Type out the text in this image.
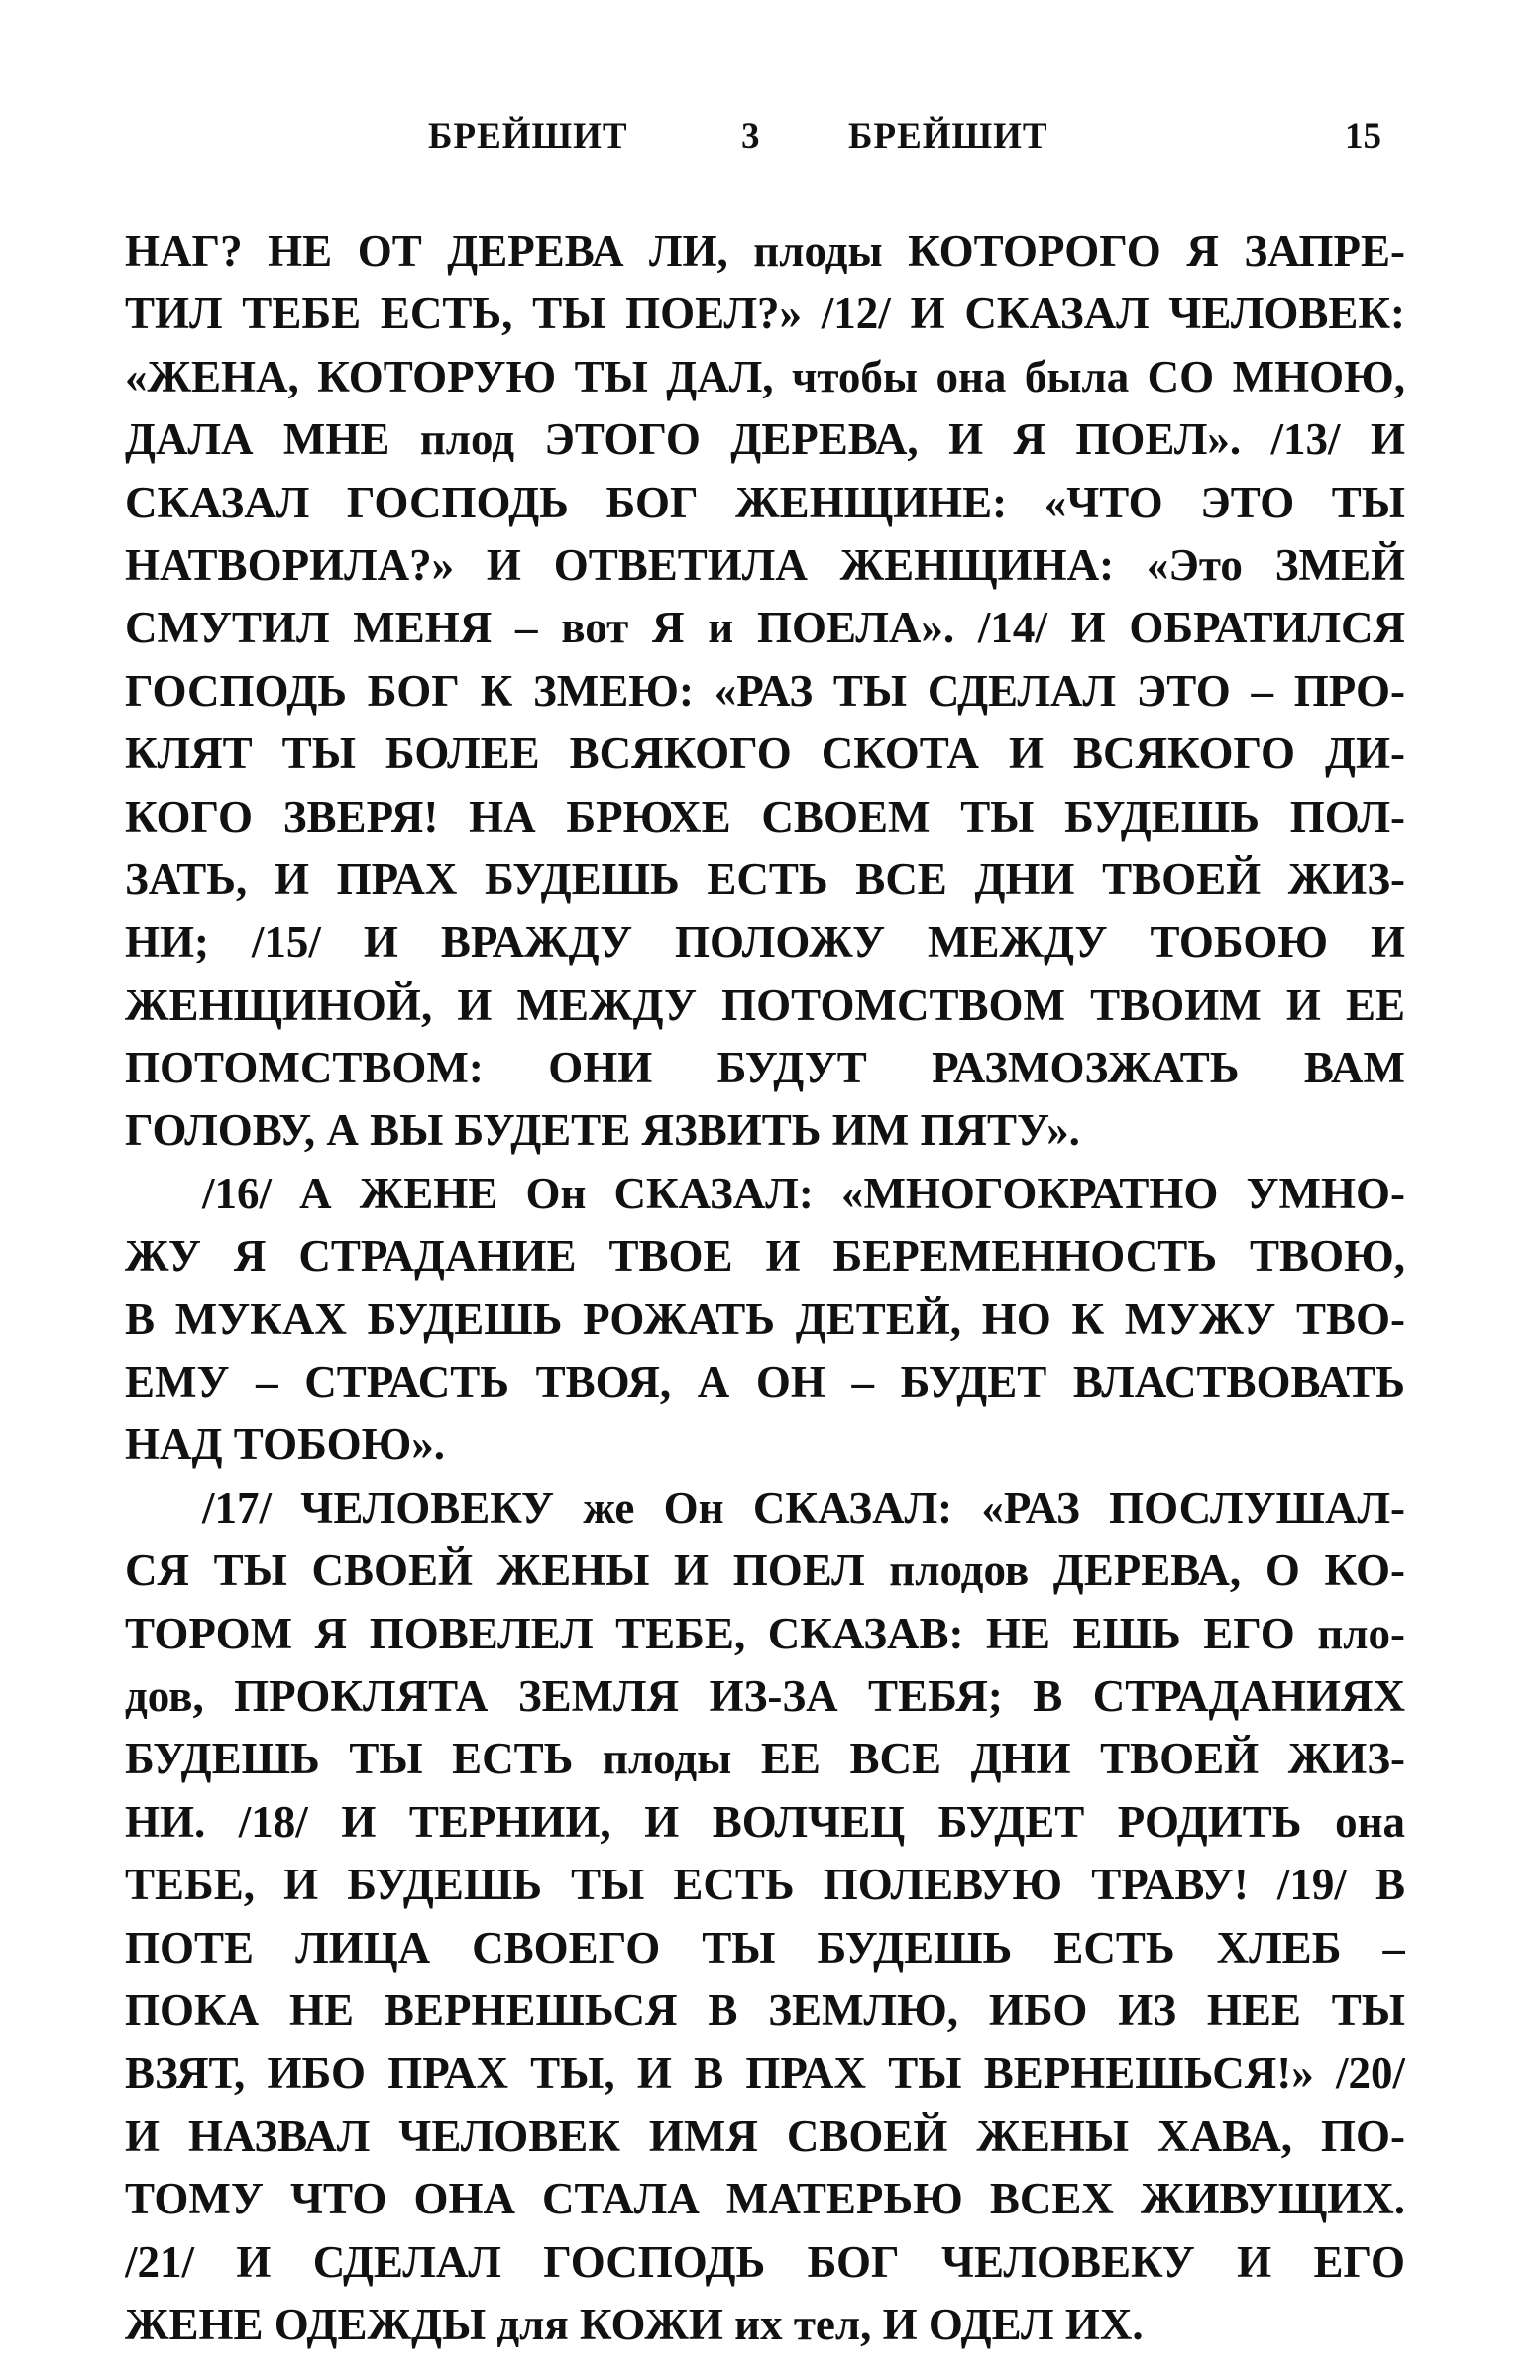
БРЕЙШИТ	3 БРЕЙШИТ	15
НАГ? НЕ ОТ ДЕРЕВА ЛИ, плоды КОТОРОГО Я ЗАПРЕ-
ТИЛ ТЕБЕ ЕСТЬ, ТЫ ПОЕЛ?» /12/ И СКАЗАЛ ЧЕЛОВЕК:
«ЖЕНА, КОТОРУЮ ТЫ ДАЛ, чтобы она была СО МНОЮ,
ДАЛА МНЕ плод ЭТОГО ДЕРЕВА, И Я ПОЕЛ». /13/ И
СКАЗАЛ ГОСПОДЬ БОГ ЖЕНЩИНЕ: «ЧТО ЭТО ТЫ
НАТВОРИЛА?» И ОТВЕТИЛА ЖЕНЩИНА: «Это ЗМЕЙ
СМУТИЛ МЕНЯ – вот Я и ПОЕЛА». /14/ И ОБРАТИЛСЯ
ГОСПОДЬ БОГ К ЗМЕЮ: «РАЗ ТЫ СДЕЛАЛ ЭТО – ПРО-
КЛЯТ ТЫ БОЛЕЕ ВСЯКОГО СКОТА И ВСЯКОГО ДИ-
КОГО ЗВЕРЯ! НА БРЮХЕ СВОЕМ ТЫ БУДЕШЬ ПОЛ-
ЗАТЬ, И ПРАХ БУДЕШЬ ЕСТЬ ВСЕ ДНИ ТВОЕЙ ЖИЗ-
НИ; /15/ И ВРАЖДУ ПОЛОЖУ МЕЖДУ ТОБОЮ И
ЖЕНЩИНОЙ, И МЕЖДУ ПОТОМСТВОМ ТВОИМ И ЕЕ
ПОТОМСТВОМ: ОНИ БУДУТ РАЗМОЗЖАТЬ ВАМ
ГОЛОВУ, А ВЫ БУДЕТЕ ЯЗВИТЬ ИМ ПЯТУ».
/16/ А ЖЕНЕ Он СКАЗАЛ: «МНОГОКРАТНО УМНО-
ЖУ Я СТРАДАНИЕ ТВОЕ И БЕРЕМЕННОСТЬ ТВОЮ,
В МУКАХ БУДЕШЬ РОЖАТЬ ДЕТЕЙ, НО К МУЖУ ТВО-
ЕМУ – СТРАСТЬ ТВОЯ, А ОН – БУДЕТ ВЛАСТВОВАТЬ
НАД ТОБОЮ».
/17/ ЧЕЛОВЕКУ же Он СКАЗАЛ: «РАЗ ПОСЛУШАЛ-
СЯ ТЫ СВОЕЙ ЖЕНЫ И ПОЕЛ плодов ДЕРЕВА, О КО-
ТОРОМ Я ПОВЕЛЕЛ ТЕБЕ, СКАЗАВ: НЕ ЕШЬ ЕГО пло-
дов, ПРОКЛЯТА ЗЕМЛЯ ИЗ-ЗА ТЕБЯ; В СТРАДАНИЯХ
БУДЕШЬ ТЫ ЕСТЬ плоды ЕЕ ВСЕ ДНИ ТВОЕЙ ЖИЗ-
НИ. /18/ И ТЕРНИИ, И ВОЛЧЕЦ БУДЕТ РОДИТЬ она
ТЕБЕ, И БУДЕШЬ ТЫ ЕСТЬ ПОЛЕВУЮ ТРАВУ! /19/ В
ПОТЕ ЛИЦА СВОЕГО ТЫ БУДЕШЬ ЕСТЬ ХЛЕБ –
ПОКА НЕ ВЕРНЕШЬСЯ В ЗЕМЛЮ, ИБО ИЗ НЕЕ ТЫ
ВЗЯТ, ИБО ПРАХ ТЫ, И В ПРАХ ТЫ ВЕРНЕШЬСЯ!» /20/
И НАЗВАЛ ЧЕЛОВЕК ИМЯ СВОЕЙ ЖЕНЫ ХАВА, ПО-
ТОМУ ЧТО ОНА СТАЛА МАТЕРЬЮ ВСЕХ ЖИВУЩИХ.
/21/ И СДЕЛАЛ ГОСПОДЬ БОГ ЧЕЛОВЕКУ И ЕГО
ЖЕНЕ ОДЕЖДЫ для КОЖИ их тел, И ОДЕЛ ИХ.
